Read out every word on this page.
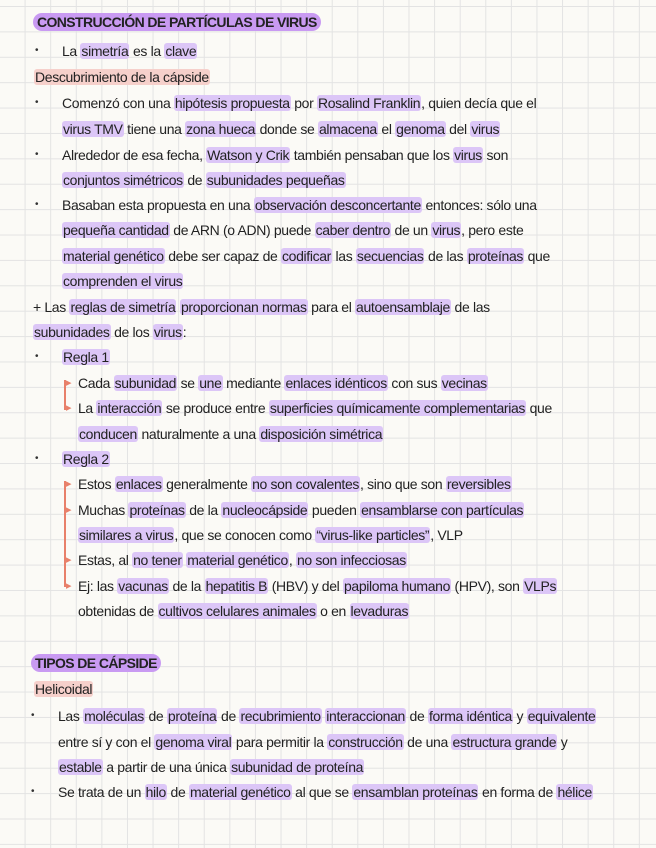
CONSTRUCCIÓN DE PARTÍCULAS DE VIRUS
La simetría es la clave
•
Descubrimiento de la cápside
Comenzó con una hipótesis propuesta por Rosalind Franklin, quien decía que el
•
virus TMV tiene una zona hueca donde se almacena el genoma del virus
Alrededor de esa fecha, Watson y Crik también pensaban que los virus son
•
conjuntos simétricos de subunidades pequeñas
Basaban esta propuesta en una observación desconcertante entonces: sólo una
•
pequeña cantidad de ARN (o ADN) puede caber dentro de un virus, pero este
material genético debe ser capaz de codificar las secuencias de las proteínas que
comprenden el virus
+ Las reglas de simetría proporcionan normas para el autoensamblaje de las
subunidades de los virus:
Regla 1
•
Cada subunidad se une mediante enlaces idénticos con sus vecinas
▸
La interacción se produce entre superficies químicamente complementarias que
▸
conducen naturalmente a una disposición simétrica
Regla 2
•
Estos enlaces generalmente no son covalentes, sino que son reversibles
▸
Muchas proteínas de la nucleocápside pueden ensamblarse con partículas
▸
similares a virus, que se conocen como “virus-like particles”, VLP
Estas, al no tener material genético, no son infecciosas
▸
Ej: las vacunas de la hepatitis B (HBV) y del papiloma humano (HPV), son VLPs
▸
obtenidas de cultivos celulares animales o en levaduras
TIPOS DE CÁPSIDE
Helicoidal
Las moléculas de proteína de recubrimiento interaccionan de forma idéntica y equivalente
•
entre sí y con el genoma viral para permitir la construcción de una estructura grande y
estable a partir de una única subunidad de proteína
Se trata de un hilo de material genético al que se ensamblan proteínas en forma de hélice
•
